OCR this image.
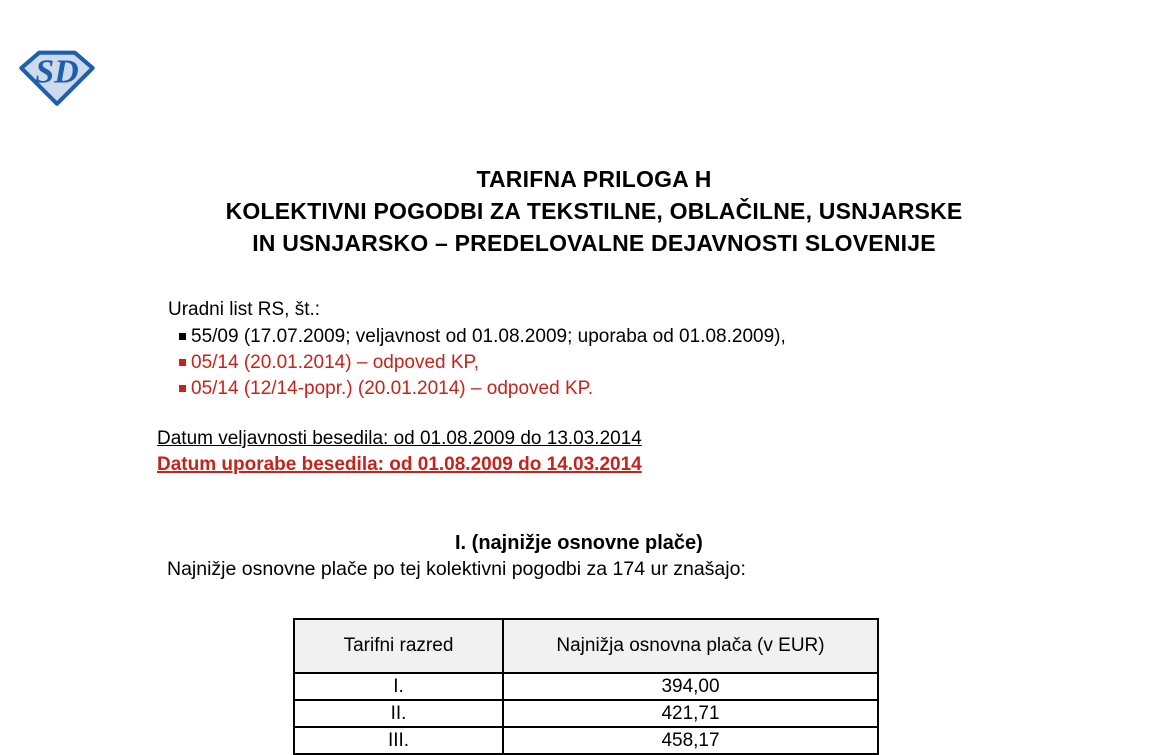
SD
TARIFNA PRILOGA H
KOLEKTIVNI POGODBI ZA TEKSTILNE, OBLAČILNE, USNJARSKE
IN USNJARSKO – PREDELOVALNE DEJAVNOSTI SLOVENIJE
Uradni list RS, št.:
55/09 (17.07.2009; veljavnost od 01.08.2009; uporaba od 01.08.2009),
05/14 (20.01.2014) – odpoved KP,
05/14 (12/14-popr.) (20.01.2014) – odpoved KP.
Datum veljavnosti besedila: od 01.08.2009 do 13.03.2014
Datum uporabe besedila: od 01.08.2009 do 14.03.2014
I. (najnižje osnovne plače)
Najnižje osnovne plače po tej kolektivni pogodbi za 174 ur znašajo:
Tarifni razred	Najnižja osnovna plača (v EUR)
I.	394,00
II.	421,71
III.	458,17
